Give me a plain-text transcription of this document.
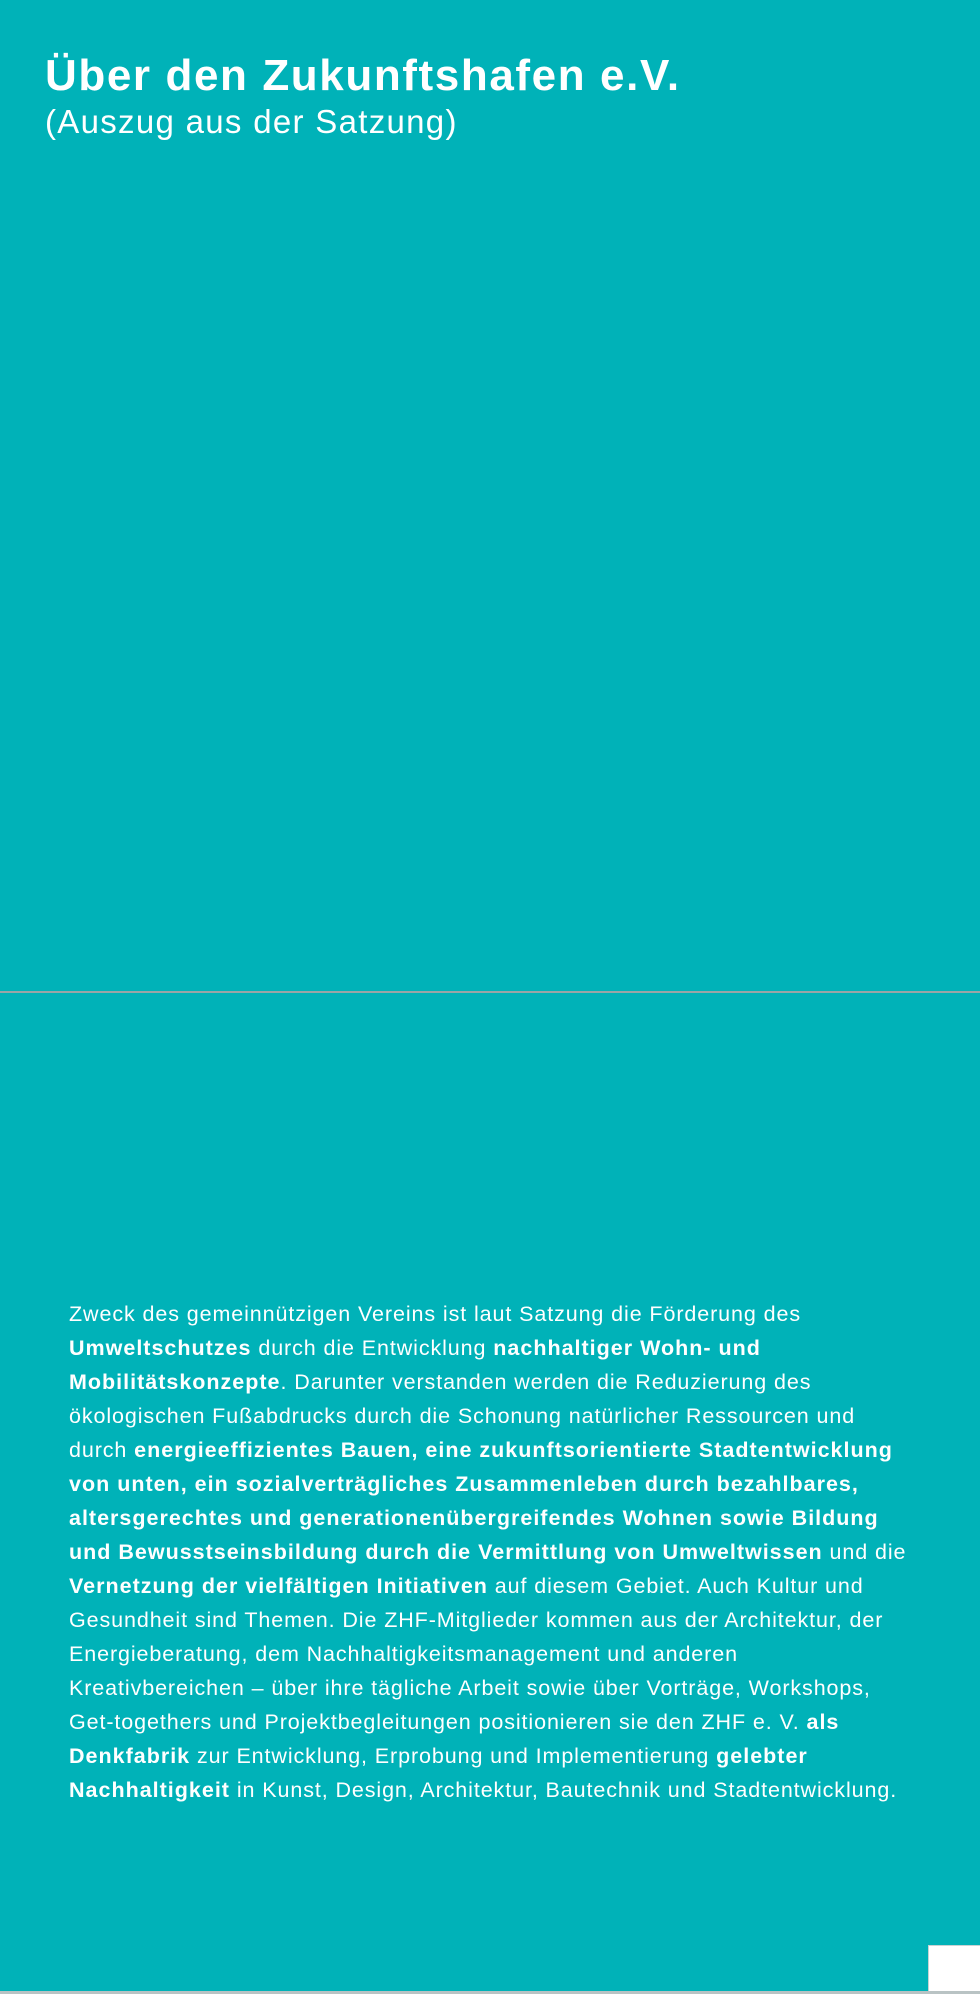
Über den Zukunftshafen e.V.
(Auszug aus der Satzung)

Zweck des gemeinnützigen Vereins ist laut Satzung die Förderung des Umweltschutzes durch die Entwicklung nachhaltiger Wohn- und Mobilitätskonzepte. Darunter verstanden werden die Reduzierung des ökologischen Fußabdrucks durch die Schonung natürlicher Ressourcen und durch energieeffizientes Bauen, eine zukunftsorientierte Stadtentwicklung von unten, ein sozialverträgliches Zusammenleben durch bezahlbares, altersgerechtes und generationenübergreifendes Wohnen sowie Bildung und Bewusstseinsbildung durch die Vermittlung von Umweltwissen und die Vernetzung der vielfältigen Initiativen auf diesem Gebiet. Auch Kultur und Gesundheit sind Themen. Die ZHF-Mitglieder kommen aus der Architektur, der Energieberatung, dem Nachhaltigkeitsmanagement und anderen Kreativbereichen – über ihre tägliche Arbeit sowie über Vorträge, Workshops, Get-togethers und Projektbegleitungen positionieren sie den ZHF e. V. als Denkfabrik zur Entwicklung, Erprobung und Implementierung gelebter Nachhaltigkeit in Kunst, Design, Architektur, Bautechnik und Stadtentwicklung.
